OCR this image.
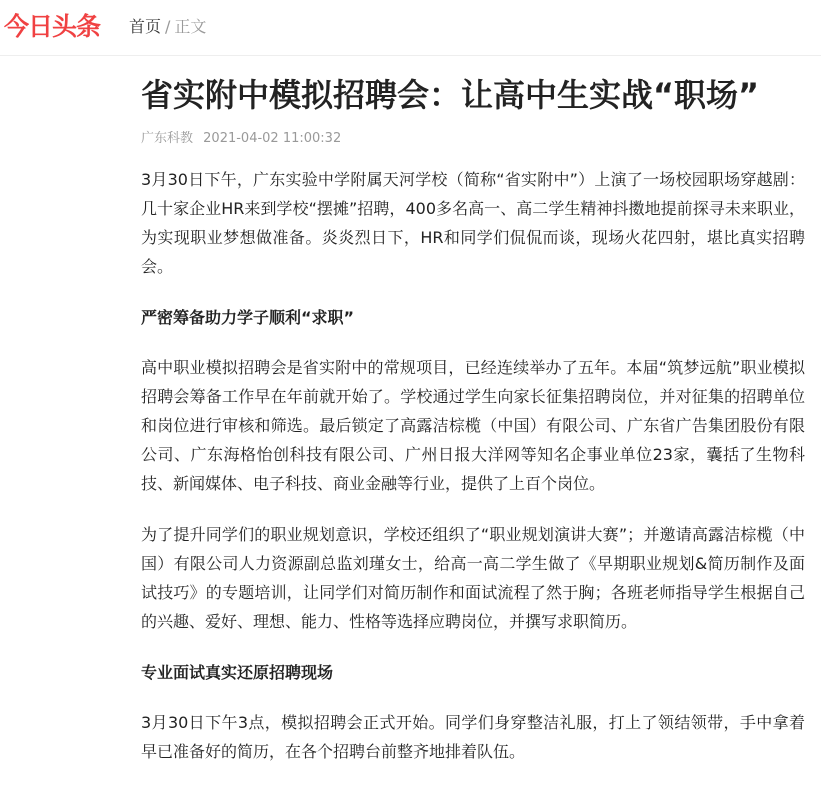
今日头条 首页 / 正文
省实附中模拟招聘会：让高中生实战“职场”
广东科教 2021-04-02 11:00:32

3月30日下午，广东实验中学附属天河学校（简称“省实附中”）上演了一场校园职场穿越剧：几十家企业HR来到学校“摆摊”招聘，400多名高一、高二学生精神抖擞地提前探寻未来职业，为实现职业梦想做准备。炎炎烈日下，HR和同学们侃侃而谈，现场火花四射，堪比真实招聘会。

严密筹备助力学子顺利“求职”

高中职业模拟招聘会是省实附中的常规项目，已经连续举办了五年。本届“筑梦远航”职业模拟招聘会筹备工作早在年前就开始了。学校通过学生向家长征集招聘岗位，并对征集的招聘单位和岗位进行审核和筛选。最后锁定了高露洁棕榄（中国）有限公司、广东省广告集团股份有限公司、广东海格怡创科技有限公司、广州日报大洋网等知名企事业单位23家，囊括了生物科技、新闻媒体、电子科技、商业金融等行业，提供了上百个岗位。

为了提升同学们的职业规划意识，学校还组织了“职业规划演讲大赛”；并邀请高露洁棕榄（中国）有限公司人力资源副总监刘瑾女士，给高一高二学生做了《早期职业规划&简历制作及面试技巧》的专题培训，让同学们对简历制作和面试流程了然于胸；各班老师指导学生根据自己的兴趣、爱好、理想、能力、性格等选择应聘岗位，并撰写求职简历。

专业面试真实还原招聘现场

3月30日下午3点，模拟招聘会正式开始。同学们身穿整洁礼服，打上了领结领带，手中拿着早已准备好的简历，在各个招聘台前整齐地排着队伍。
